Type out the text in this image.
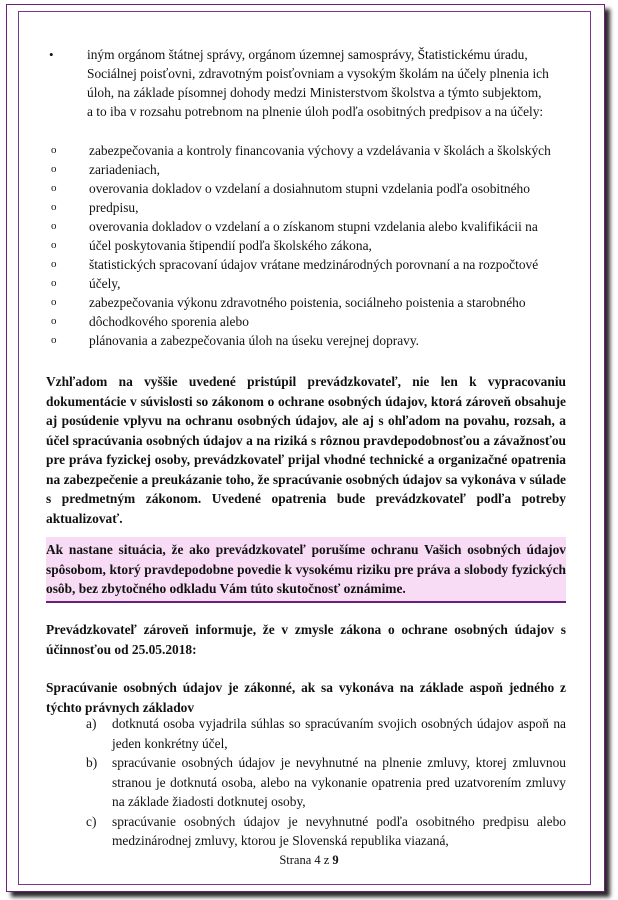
• iným orgánom štátnej správy, orgánom územnej samosprávy, Štatistickému úradu,
Sociálnej poisťovni, zdravotným poisťovniam a vysokým školám na účely plnenia ich
úloh, na základe písomnej dohody medzi Ministerstvom školstva a týmto subjektom,
a to iba v rozsahu potrebnom na plnenie úloh podľa osobitných predpisov a na účely:
o zabezpečovania a kontroly financovania výchovy a vzdelávania v školách a školských
o zariadeniach,
o overovania dokladov o vzdelaní a dosiahnutom stupni vzdelania podľa osobitného
o predpisu,
o overovania dokladov o vzdelaní a o získanom stupni vzdelania alebo kvalifikácii na
o účel poskytovania štipendií podľa školského zákona,
o štatistických spracovaní údajov vrátane medzinárodných porovnaní a na rozpočtové
o účely,
o zabezpečovania výkonu zdravotného poistenia, sociálneho poistenia a starobného
o dôchodkového sporenia alebo
o plánovania a zabezpečovania úloh na úseku verejnej dopravy.
Vzhľadom na vyššie uvedené pristúpil prevádzkovateľ, nie len k vypracovaniu dokumentácie v súvislosti so zákonom o ochrane osobných údajov, ktorá zároveň obsahuje aj posúdenie vplyvu na ochranu osobných údajov, ale aj s ohľadom na povahu, rozsah, a účel spracúvania osobných údajov a na riziká s rôznou pravdepodobnosťou a závažnosťou pre práva fyzickej osoby, prevádzkovateľ prijal vhodné technické a organizačné opatrenia na zabezpečenie a preukázanie toho, že spracúvanie osobných údajov sa vykonáva v súlade s predmetným zákonom. Uvedené opatrenia bude prevádzkovateľ podľa potreby aktualizovať.
Ak nastane situácia, že ako prevádzkovateľ porušíme ochranu Vašich osobných údajov spôsobom, ktorý pravdepodobne povedie k vysokému riziku pre práva a slobody fyzických osôb, bez zbytočného odkladu Vám túto skutočnosť oznámime.
Prevádzkovateľ zároveň informuje, že v zmysle zákona o ochrane osobných údajov s účinnosťou od 25.05.2018:
Spracúvanie osobných údajov je zákonné, ak sa vykonáva na základe aspoň jedného z týchto právnych základov
a) dotknutá osoba vyjadrila súhlas so spracúvaním svojich osobných údajov aspoň na jeden konkrétny účel,
b) spracúvanie osobných údajov je nevyhnutné na plnenie zmluvy, ktorej zmluvnou stranou je dotknutá osoba, alebo na vykonanie opatrenia pred uzatvorením zmluvy na základe žiadosti dotknutej osoby,
c) spracúvanie osobných údajov je nevyhnutné podľa osobitného predpisu alebo medzinárodnej zmluvy, ktorou je Slovenská republika viazaná,
Strana 4 z 9
